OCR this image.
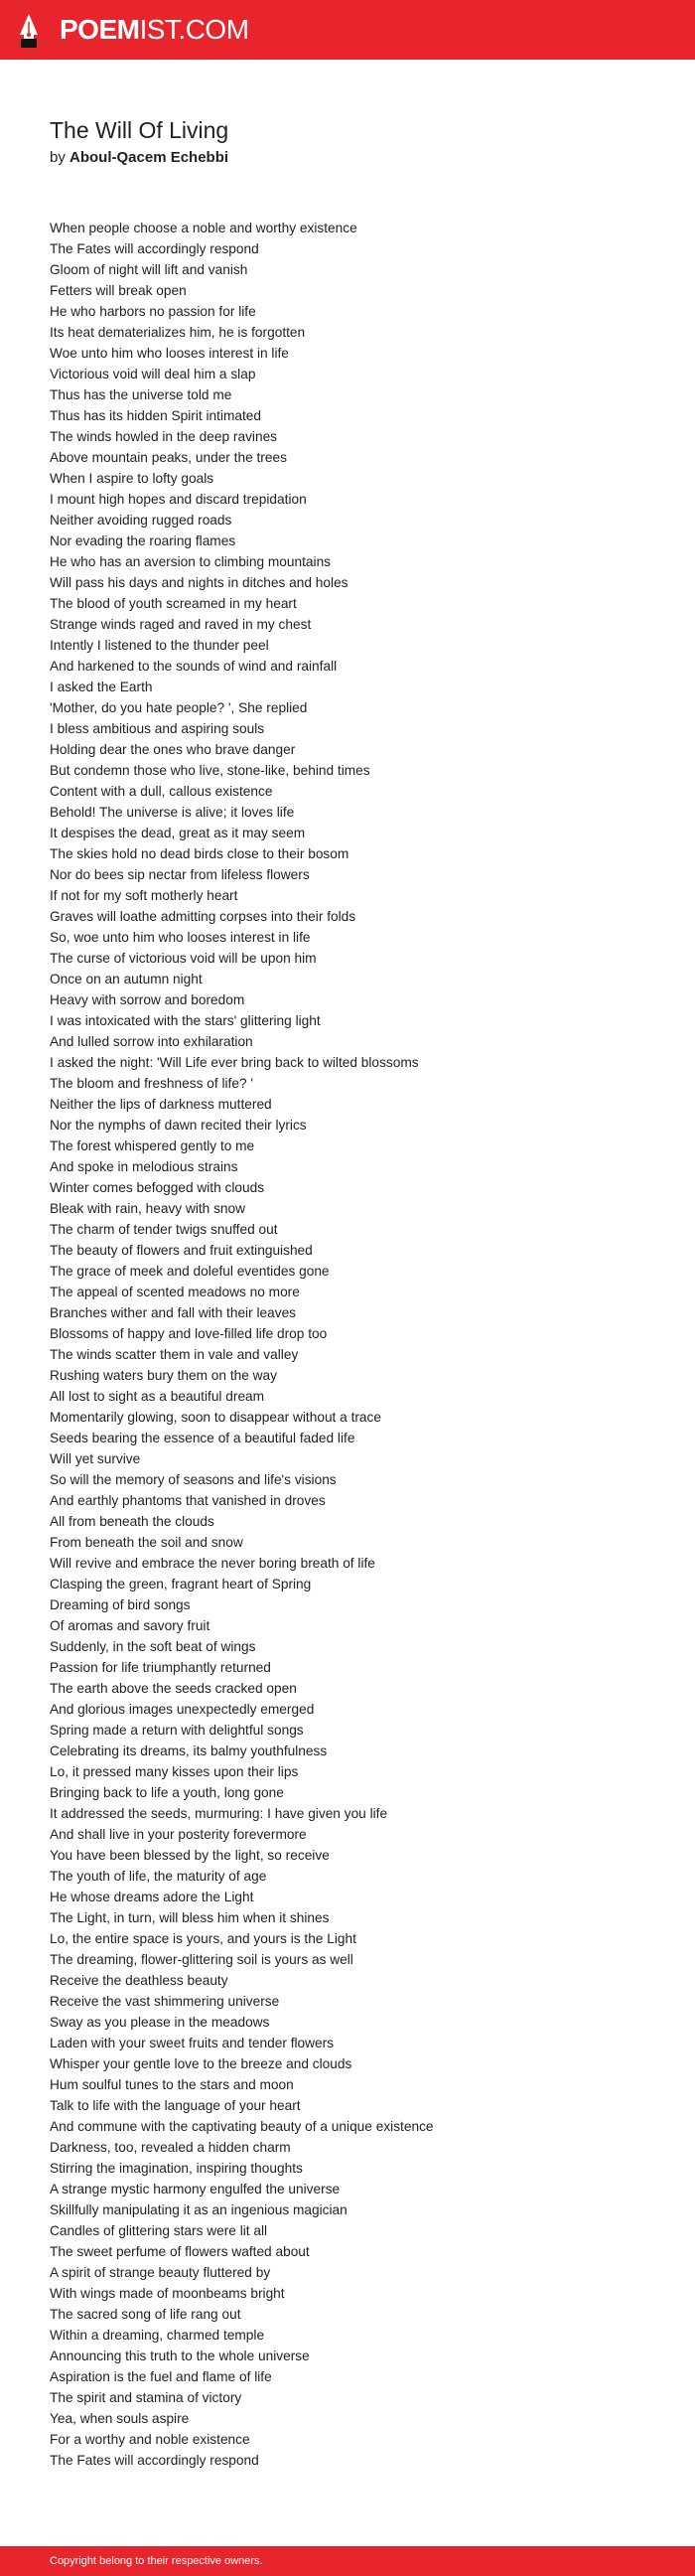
POEMIST.COM
The Will Of Living
by Aboul-Qacem Echebbi
When people choose a noble and worthy existence
The Fates will accordingly respond
Gloom of night will lift and vanish
Fetters will break open
He who harbors no passion for life
Its heat dematerializes him, he is forgotten
Woe unto him who looses interest in life
Victorious void will deal him a slap
Thus has the universe told me
Thus has its hidden Spirit intimated
The winds howled in the deep ravines
Above mountain peaks, under the trees
When I aspire to lofty goals
I mount high hopes and discard trepidation
Neither avoiding rugged roads
Nor evading the roaring flames
He who has an aversion to climbing mountains
Will pass his days and nights in ditches and holes
The blood of youth screamed in my heart
Strange winds raged and raved in my chest
Intently I listened to the thunder peel
And harkened to the sounds of wind and rainfall
I asked the Earth
'Mother, do you hate people? ', She replied
I bless ambitious and aspiring souls
Holding dear the ones who brave danger
But condemn those who live, stone-like, behind times
Content with a dull, callous existence
Behold! The universe is alive; it loves life
It despises the dead, great as it may seem
The skies hold no dead birds close to their bosom
Nor do bees sip nectar from lifeless flowers
If not for my soft motherly heart
Graves will loathe admitting corpses into their folds
So, woe unto him who looses interest in life
The curse of victorious void will be upon him
Once on an autumn night
Heavy with sorrow and boredom
I was intoxicated with the stars' glittering light
And lulled sorrow into exhilaration
I asked the night: 'Will Life ever bring back to wilted blossoms
The bloom and freshness of life? '
Neither the lips of darkness muttered
Nor the nymphs of dawn recited their lyrics
The forest whispered gently to me
And spoke in melodious strains
Winter comes befogged with clouds
Bleak with rain, heavy with snow
The charm of tender twigs snuffed out
The beauty of flowers and fruit extinguished
The grace of meek and doleful eventides gone
The appeal of scented meadows no more
Branches wither and fall with their leaves
Blossoms of happy and love-filled life drop too
The winds scatter them in vale and valley
Rushing waters bury them on the way
All lost to sight as a beautiful dream
Momentarily glowing, soon to disappear without a trace
Seeds bearing the essence of a beautiful faded life
Will yet survive
So will the memory of seasons and life's visions
And earthly phantoms that vanished in droves
All from beneath the clouds
From beneath the soil and snow
Will revive and embrace the never boring breath of life
Clasping the green, fragrant heart of Spring
Dreaming of bird songs
Of aromas and savory fruit
Suddenly, in the soft beat of wings
Passion for life triumphantly returned
The earth above the seeds cracked open
And glorious images unexpectedly emerged
Spring made a return with delightful songs
Celebrating its dreams, its balmy youthfulness
Lo, it pressed many kisses upon their lips
Bringing back to life a youth, long gone
It addressed the seeds, murmuring: I have given you life
And shall live in your posterity forevermore
You have been blessed by the light, so receive
The youth of life, the maturity of age
He whose dreams adore the Light
The Light, in turn, will bless him when it shines
Lo, the entire space is yours, and yours is the Light
The dreaming, flower-glittering soil is yours as well
Receive the deathless beauty
Receive the vast shimmering universe
Sway as you please in the meadows
Laden with your sweet fruits and tender flowers
Whisper your gentle love to the breeze and clouds
Hum soulful tunes to the stars and moon
Talk to life with the language of your heart
And commune with the captivating beauty of a unique existence
Darkness, too, revealed a hidden charm
Stirring the imagination, inspiring thoughts
A strange mystic harmony engulfed the universe
Skillfully manipulating it as an ingenious magician
Candles of glittering stars were lit all
The sweet perfume of flowers wafted about
A spirit of strange beauty fluttered by
With wings made of moonbeams bright
The sacred song of life rang out
Within a dreaming, charmed temple
Announcing this truth to the whole universe
Aspiration is the fuel and flame of life
The spirit and stamina of victory
Yea, when souls aspire
For a worthy and noble existence
The Fates will accordingly respond
Copyright belong to their respective owners.
